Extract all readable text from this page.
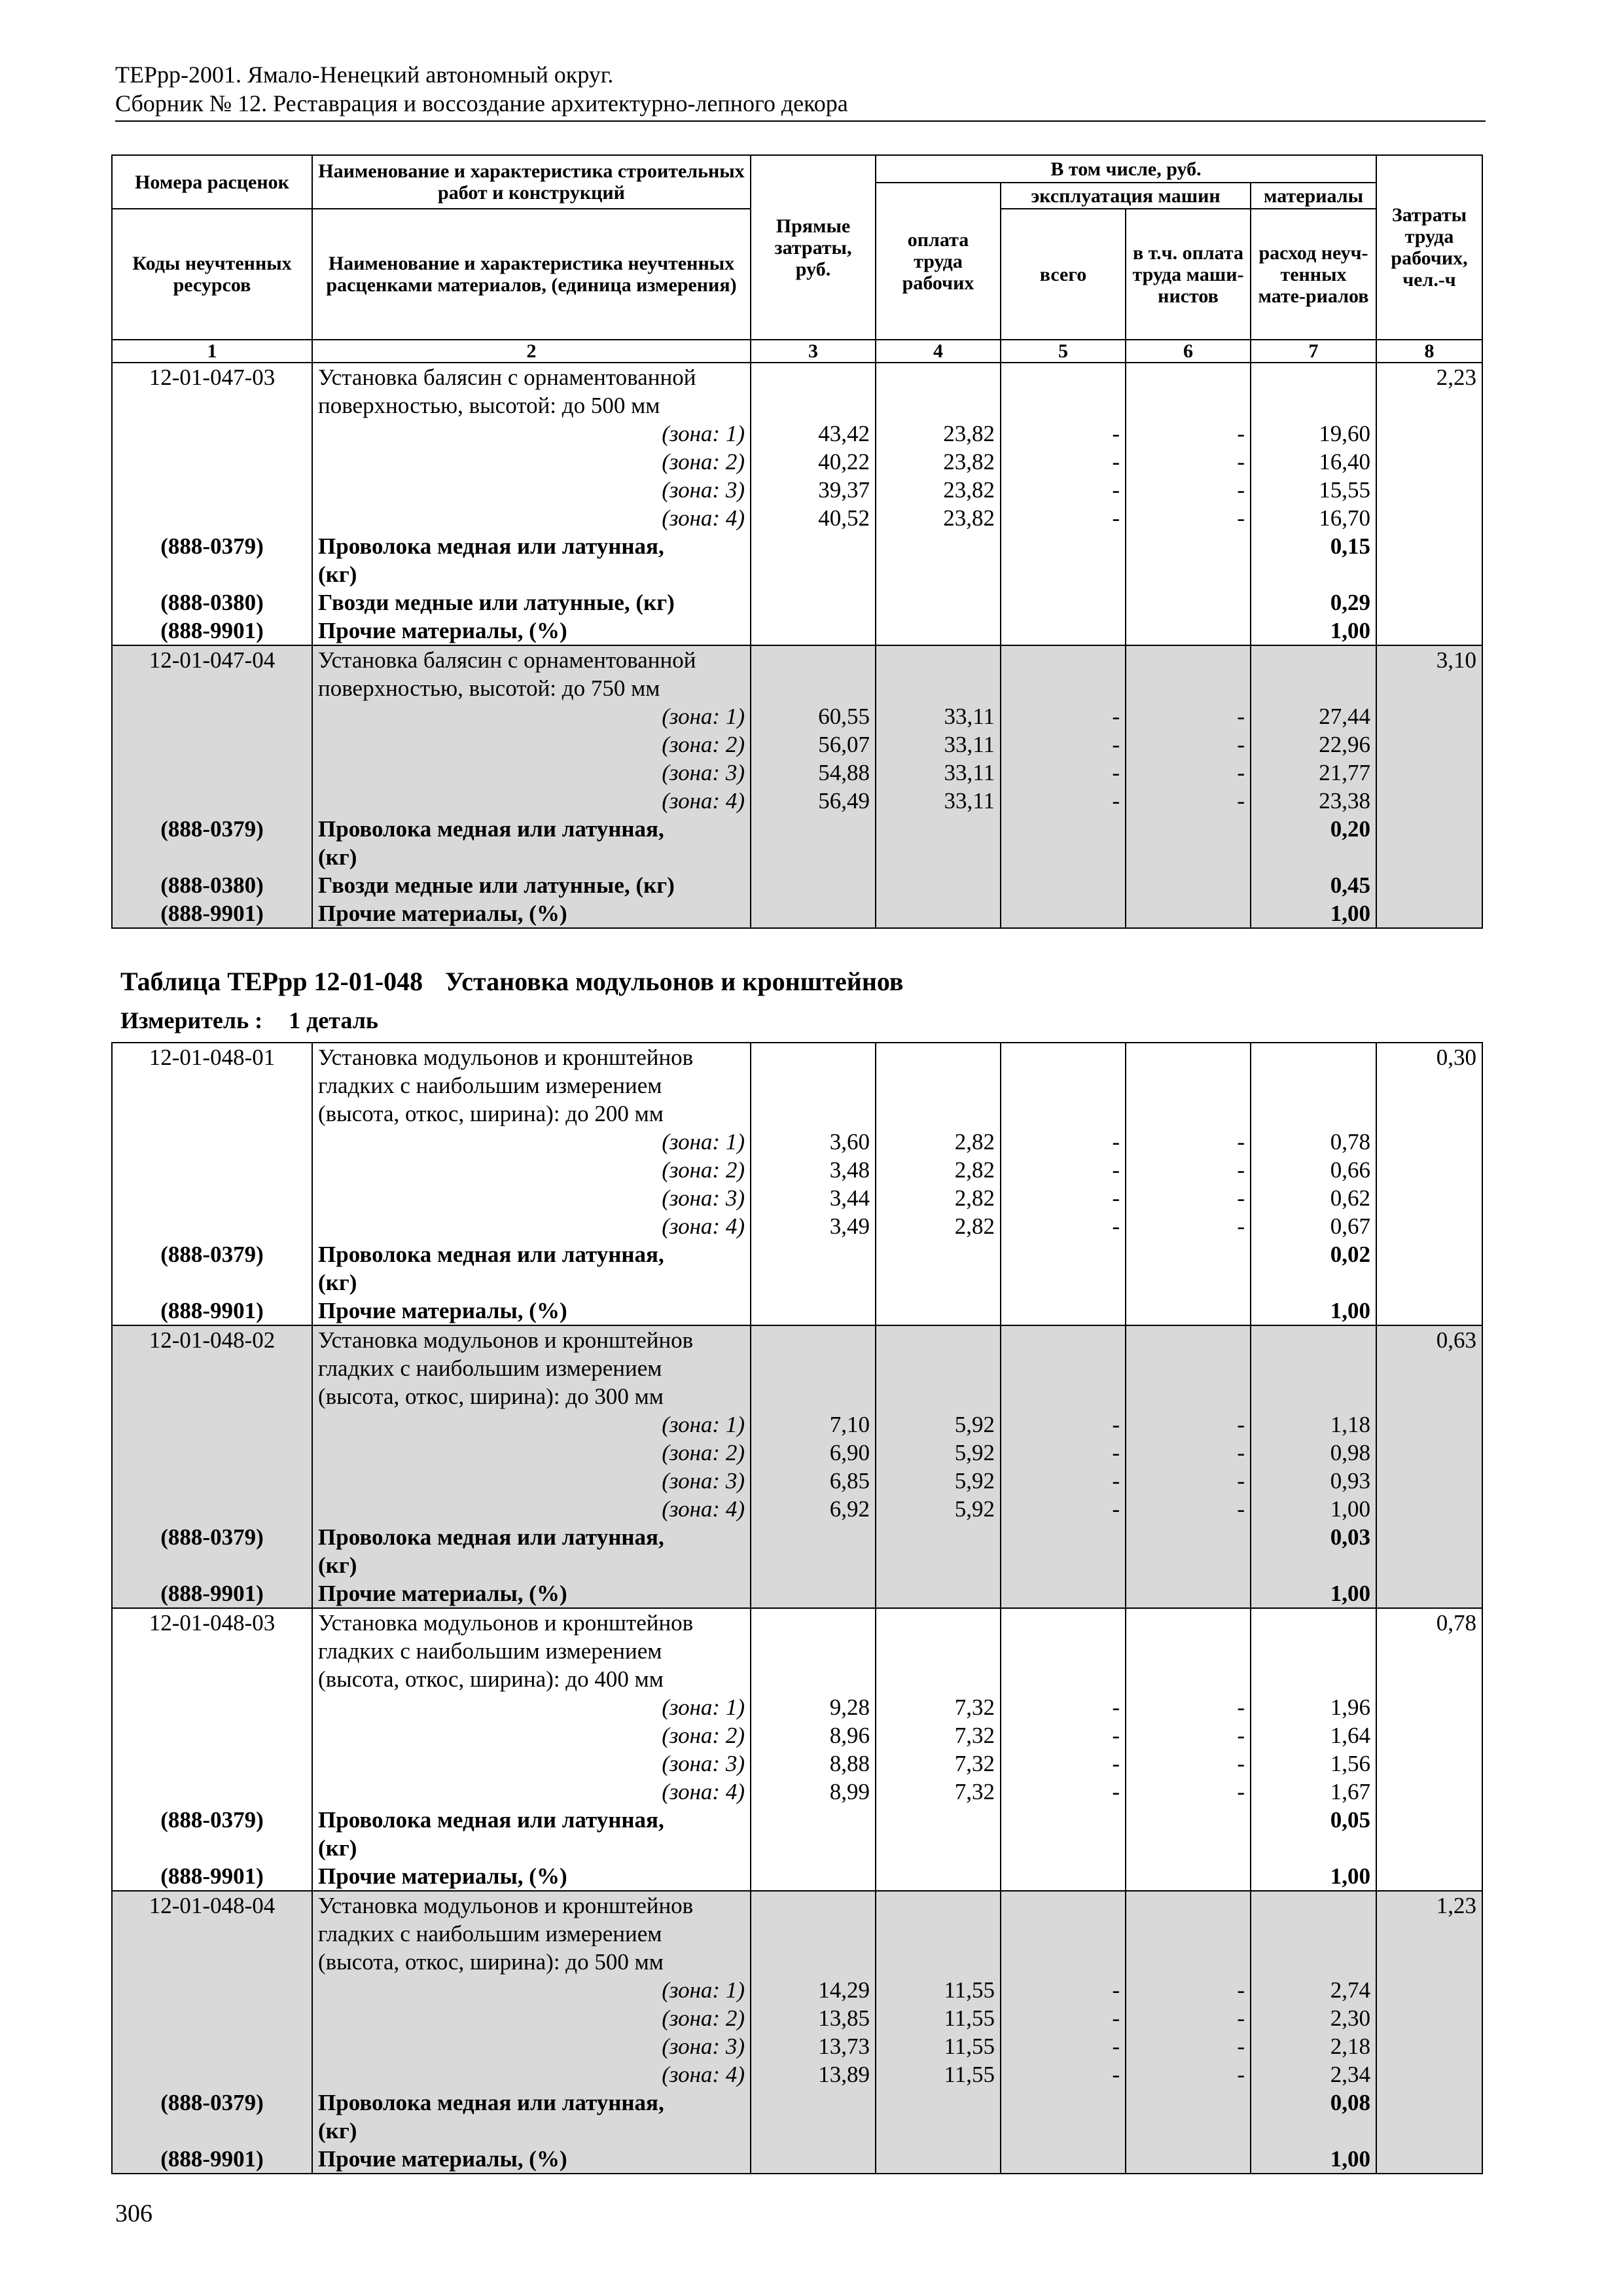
ТЕРрр-2001. Ямало-Ненецкий автономный округ.
Сборник № 12. Реставрация и воссоздание архитектурно-лепного декора
Номера расценок	Наименование и характеристика строительных работ и конструкций	Прямые затраты, руб.	В том числе, руб.				Затраты труда рабочих, чел.-ч
			оплата труда рабочих	эксплуатация машин		материалы	
Коды неучтенных ресурсов	Наименование и характеристика неучтенных расценками материалов, (единица измерения)			всего	в т.ч. оплата труда маши-нистов	расход неуч-тенных мате-риалов	
1	2	3	4	5	6	7	8
12-01-047-03	Установка балясин с орнаментованной						2,23
	поверхностью, высотой: до 500 мм						
	(зона: 1)	43,42	23,82	-	-	19,60	
	(зона: 2)	40,22	23,82	-	-	16,40	
	(зона: 3)	39,37	23,82	-	-	15,55	
	(зона: 4)	40,52	23,82	-	-	16,70	
(888-0379)	Проволока медная или латунная,					0,15	
	(кг)						
(888-0380)	Гвозди медные или латунные, (кг)					0,29	
(888-9901)	Прочие материалы, (%)					1,00	
12-01-047-04	Установка балясин с орнаментованной						3,10
	поверхностью, высотой: до 750 мм						
	(зона: 1)	60,55	33,11	-	-	27,44	
	(зона: 2)	56,07	33,11	-	-	22,96	
	(зона: 3)	54,88	33,11	-	-	21,77	
	(зона: 4)	56,49	33,11	-	-	23,38	
(888-0379)	Проволока медная или латунная,					0,20	
	(кг)						
(888-0380)	Гвозди медные или латунные, (кг)					0,45	
(888-9901)	Прочие материалы, (%)					1,00	
Таблица ТЕРрр 12-01-048 Установка модульонов и кронштейнов
Измеритель : 1 деталь
12-01-048-01	Установка модульонов и кронштейнов						0,30
	гладких с наибольшим измерением						
	(высота, откос, ширина): до 200 мм						
	(зона: 1)	3,60	2,82	-	-	0,78	
	(зона: 2)	3,48	2,82	-	-	0,66	
	(зона: 3)	3,44	2,82	-	-	0,62	
	(зона: 4)	3,49	2,82	-	-	0,67	
(888-0379)	Проволока медная или латунная,					0,02	
	(кг)						
(888-9901)	Прочие материалы, (%)					1,00	
12-01-048-02	Установка модульонов и кронштейнов						0,63
	гладких с наибольшим измерением						
	(высота, откос, ширина): до 300 мм						
	(зона: 1)	7,10	5,92	-	-	1,18	
	(зона: 2)	6,90	5,92	-	-	0,98	
	(зона: 3)	6,85	5,92	-	-	0,93	
	(зона: 4)	6,92	5,92	-	-	1,00	
(888-0379)	Проволока медная или латунная,					0,03	
	(кг)						
(888-9901)	Прочие материалы, (%)					1,00	
12-01-048-03	Установка модульонов и кронштейнов						0,78
	гладких с наибольшим измерением						
	(высота, откос, ширина): до 400 мм						
	(зона: 1)	9,28	7,32	-	-	1,96	
	(зона: 2)	8,96	7,32	-	-	1,64	
	(зона: 3)	8,88	7,32	-	-	1,56	
	(зона: 4)	8,99	7,32	-	-	1,67	
(888-0379)	Проволока медная или латунная,					0,05	
	(кг)						
(888-9901)	Прочие материалы, (%)					1,00	
12-01-048-04	Установка модульонов и кронштейнов						1,23
	гладких с наибольшим измерением						
	(высота, откос, ширина): до 500 мм						
	(зона: 1)	14,29	11,55	-	-	2,74	
	(зона: 2)	13,85	11,55	-	-	2,30	
	(зона: 3)	13,73	11,55	-	-	2,18	
	(зона: 4)	13,89	11,55	-	-	2,34	
(888-0379)	Проволока медная или латунная,					0,08	
	(кг)						
(888-9901)	Прочие материалы, (%)					1,00	
306
